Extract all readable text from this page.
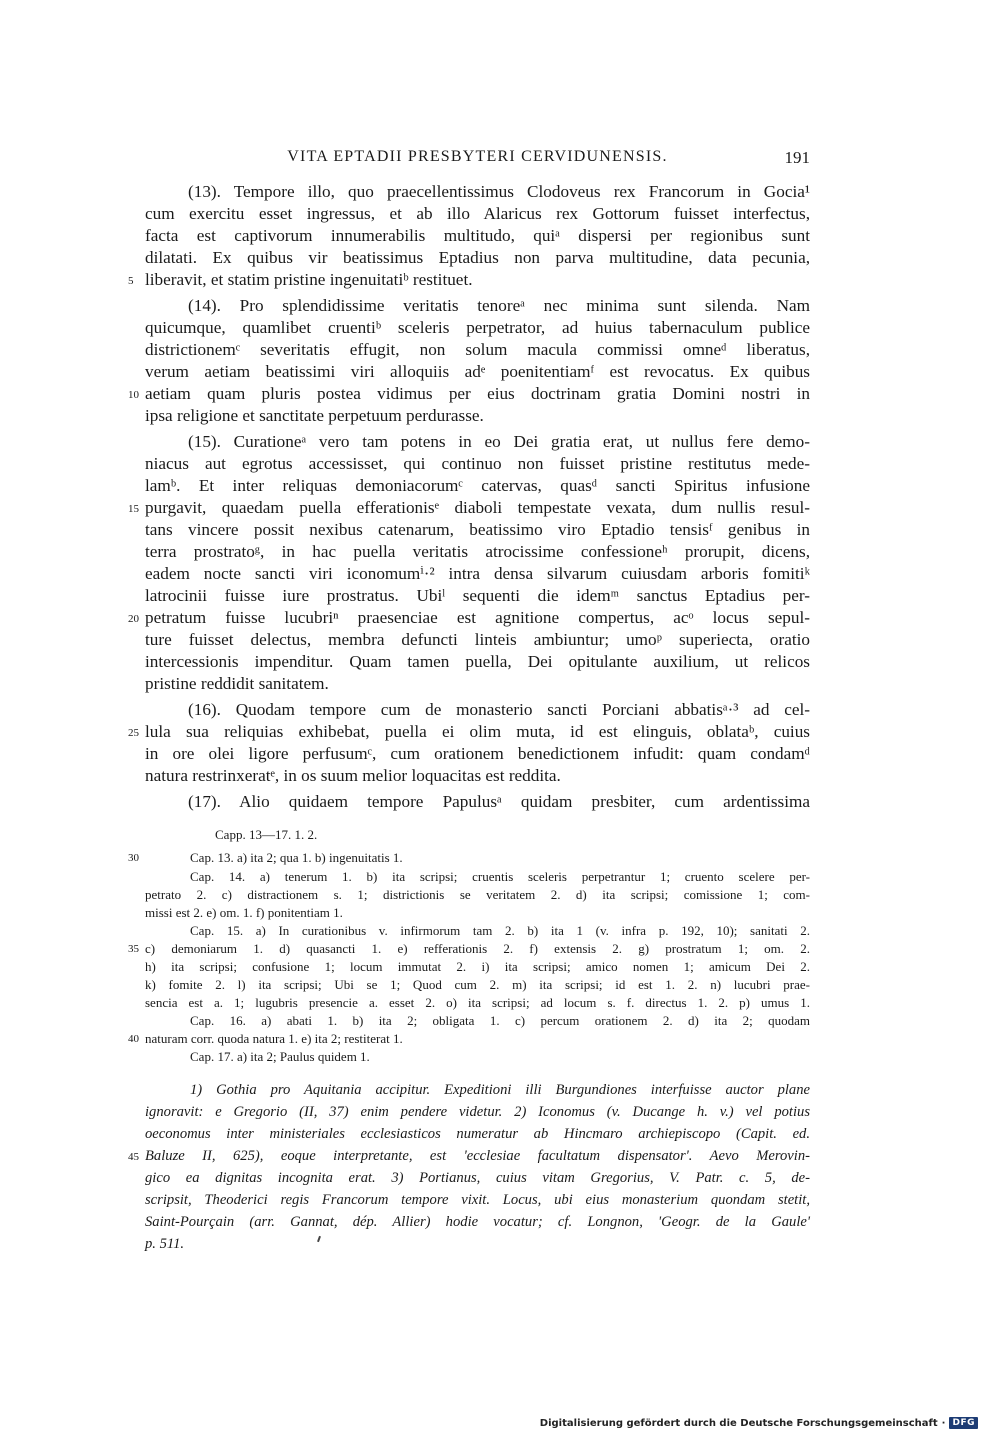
VITA EPTADII PRESBYTERI CERVIDUNENSIS.	191
(13). Tempore illo, quo praecellentissimus Clodoveus rex Francorum in Gocia¹
cum exercitu esset ingressus, et ab illo Alaricus rex Gottorum fuisset interfectus,
facta est captivorum innumerabilis multitudo, quiᵃ dispersi per regionibus sunt
dilatati. Ex quibus vir beatissimus Eptadius non parva multitudine, data pecunia,
liberavit, et statim pristine ingenuitatiᵇ restituet.
(14). Pro splendidissime veritatis tenoreᵃ nec minima sunt silenda. Nam
quicumque, quamlibet cruentiᵇ sceleris perpetrator, ad huius tabernaculum publice
districtionemᶜ severitatis effugit, non solum macula commissi omneᵈ liberatus,
verum aetiam beatissimi viri alloquiis adᵉ poenitentiamᶠ est revocatus. Ex quibus
aetiam quam pluris postea vidimus per eius doctrinam gratia Domini nostri in
ipsa religione et sanctitate perpetuum perdurasse.
(15). Curationeᵃ vero tam potens in eo Dei gratia erat, ut nullus fere demo-
niacus aut egrotus accessisset, qui continuo non fuisset pristine restitutus mede-
lamᵇ. Et inter reliquas demoniacorumᶜ catervas, quasᵈ sancti Spiritus infusione
purgavit, quaedam puella efferationisᵉ diaboli tempestate vexata, dum nullis resul-
tans vincere possit nexibus catenarum, beatissimo viro Eptadio tensisᶠ genibus in
terra prostratoᵍ, in hac puella veritatis atrocissime confessioneʰ prorupit, dicens,
eadem nocte sancti viri iconomumⁱ·² intra densa silvarum cuiusdam arboris fomitiᵏ
latrocinii fuisse iure prostratus. Ubiˡ sequenti die idemᵐ sanctus Eptadius per-
petratum fuisse lucubriⁿ praesenciae est agnitione compertus, acᵒ locus sepul-
ture fuisset delectus, membra defuncti linteis ambiuntur; umoᵖ superiecta, oratio
intercessionis impenditur. Quam tamen puella, Dei opitulante auxilium, ut relicos
pristine reddidit sanitatem.
(16). Quodam tempore cum de monasterio sancti Porciani abbatisᵃ·³ ad cel-
lula sua reliquias exhibebat, puella ei olim muta, id est elinguis, oblataᵇ, cuius
in ore olei ligore perfusumᶜ, cum orationem benedictionem infudit: quam condamᵈ
natura restrinxeratᵉ, in os suum melior loquacitas est reddita.
(17). Alio quidaem tempore Papulusᵃ quidam presbiter, cum ardentissima
5
10
15
20
25
Capp. 13—17. 1. 2.
Cap. 13. a) ita 2; qua 1. b) ingenuitatis 1.
Cap. 14. a) tenerum 1. b) ita scripsi; cruentis sceleris perpetrantur 1; cruento scelere per-
petrato 2. c) distractionem s. 1; districtionis se veritatem 2. d) ita scripsi; comissione 1; com-
missi est 2. e) om. 1. f) ponitentiam 1.
Cap. 15. a) In curationibus v. infirmorum tam 2. b) ita 1 (v. infra p. 192, 10); sanitati 2.
c) demoniarum 1. d) quasancti 1. e) refferationis 2. f) extensis 2. g) prostratum 1; om. 2.
h) ita scripsi; confusione 1; locum immutat 2. i) ita scripsi; amico nomen 1; amicum Dei 2.
k) fomite 2. l) ita scripsi; Ubi se 1; Quod cum 2. m) ita scripsi; id est 1. 2. n) lucubri prae-
sencia est a. 1; lugubris presencie a. esset 2. o) ita scripsi; ad locum s. f. directus 1. 2. p) umus 1.
Cap. 16. a) abati 1. b) ita 2; obligata 1. c) percum orationem 2. d) ita 2; quodam
naturam corr. quoda natura 1. e) ita 2; restiterat 1.
Cap. 17. a) ita 2; Paulus quidem 1.
30
35
40
1) Gothia pro Aquitania accipitur. Expeditioni illi Burgundiones interfuisse auctor plane
ignoravit: e Gregorio (II, 37) enim pendere videtur. 2) Iconomus (v. Ducange h. v.) vel potius
oeconomus inter ministeriales ecclesiasticos numeratur ab Hincmaro archiepiscopo (Capit. ed.
Baluze II, 625), eoque interpretante, est 'ecclesiae facultatum dispensator'. Aevo Merovin-
gico ea dignitas incognita erat. 3) Portianus, cuius vitam Gregorius, V. Patr. c. 5, de-
scripsit, Theoderici regis Francorum tempore vixit. Locus, ubi eius monasterium quondam stetit,
Saint-Pourçain (arr. Gannat, dép. Allier) hodie vocatur; cf. Longnon, 'Geogr. de la Gaule'
p. 511.
45
Digitalisierung gefördert durch die Deutsche Forschungsgemeinschaft · DFG
